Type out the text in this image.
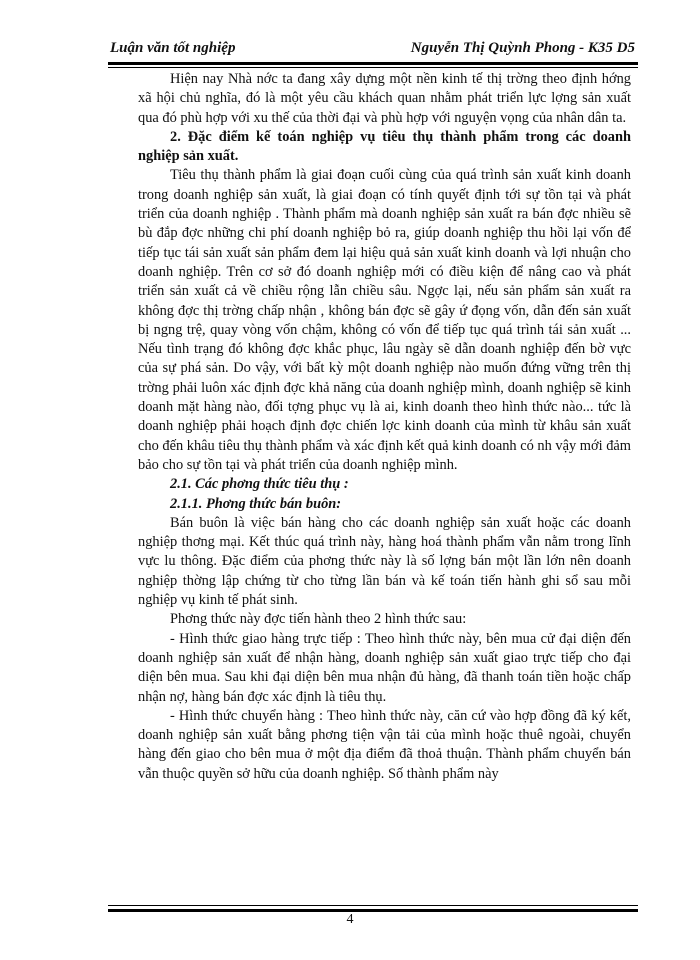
Luận văn tốt nghiệp	Nguyễn Thị Quỳnh Phong - K35 D5

Hiện nay Nhà nớc ta đang xây dựng một nền kinh tế thị trờng theo định hớng xã hội chủ nghĩa, đó là một yêu cầu khách quan nhằm phát triển lực lợng sản xuất qua đó phù hợp với xu thế của thời đại và phù hợp với nguyện vọng của nhân dân ta.

2. Đặc điểm kế toán nghiệp vụ tiêu thụ thành phẩm trong các doanh nghiệp sản xuất.

Tiêu thụ thành phẩm là giai đoạn cuối cùng của quá trình sản xuất kinh doanh trong doanh nghiệp sản xuất, là giai đoạn có tính quyết định tới sự tồn tại và phát triển của doanh nghiệp . Thành phẩm mà doanh nghiệp sản xuất ra bán đợc nhiều sẽ bù đắp đợc những chi phí doanh nghiệp bỏ ra, giúp doanh nghiệp thu hồi lại vốn để tiếp tục tái sản xuất sản phẩm đem lại hiệu quả sản xuất kinh doanh và lợi nhuận cho doanh nghiệp. Trên cơ sở đó doanh nghiệp mới có điều kiện để nâng cao và phát triển sản xuất cả về chiều rộng lẫn chiều sâu. Ngợc lại, nếu sản phẩm sản xuất ra không đợc thị trờng chấp nhận , không bán đợc sẽ gây ứ đọng vốn, dẫn đến sản xuất bị ngng trệ, quay vòng vốn chậm, không có vốn để tiếp tục quá trình tái sản xuất ... Nếu tình trạng đó không đợc khắc phục, lâu ngày sẽ dẫn doanh nghiệp đến bờ vực của sự phá sản. Do vậy, với bất kỳ một doanh nghiệp nào muốn đứng vững trên thị trờng phải luôn xác định đợc khả năng của doanh nghiệp mình, doanh nghiệp sẽ kinh doanh mặt hàng nào, đối tợng phục vụ là ai, kinh doanh theo hình thức nào... tức là doanh nghiệp phải hoạch định đợc chiến lợc kinh doanh của mình từ khâu sản xuất cho đến khâu tiêu thụ thành phẩm và xác định kết quả kinh doanh có nh vậy mới đảm bảo cho sự tồn tại và phát triển của doanh nghiệp mình.

2.1. Các phơng thức tiêu thụ :
2.1.1. Phơng thức bán buôn:

Bán buôn là việc bán hàng cho các doanh nghiệp sản xuất hoặc các doanh nghiệp thơng mại. Kết thúc quá trình này, hàng hoá thành phẩm vẫn nằm trong lĩnh vực lu thông. Đặc điểm của phơng thức này là số lợng bán một lần lớn nên doanh nghiệp thờng lập chứng từ cho từng lần bán và kế toán tiến hành ghi sổ sau mỗi nghiệp vụ kinh tế phát sinh.

Phơng thức này đợc tiến hành theo 2 hình thức sau:

- Hình thức giao hàng trực tiếp : Theo hình thức này, bên mua cử đại diện đến doanh nghiệp sản xuất để nhận hàng, doanh nghiệp sản xuất giao trực tiếp cho đại diện bên mua. Sau khi đại diện bên mua nhận đủ hàng, đã thanh toán tiền hoặc chấp nhận nợ, hàng bán đợc xác định là tiêu thụ.

- Hình thức chuyển hàng : Theo hình thức này, căn cứ vào hợp đồng đã ký kết, doanh nghiệp sản xuất bằng phơng tiện vận tải của mình hoặc thuê ngoài, chuyển hàng đến giao cho bên mua ở một địa điểm đã thoả thuận. Thành phẩm chuyển bán vẫn thuộc quyền sở hữu của doanh nghiệp. Số thành phẩm này

4
